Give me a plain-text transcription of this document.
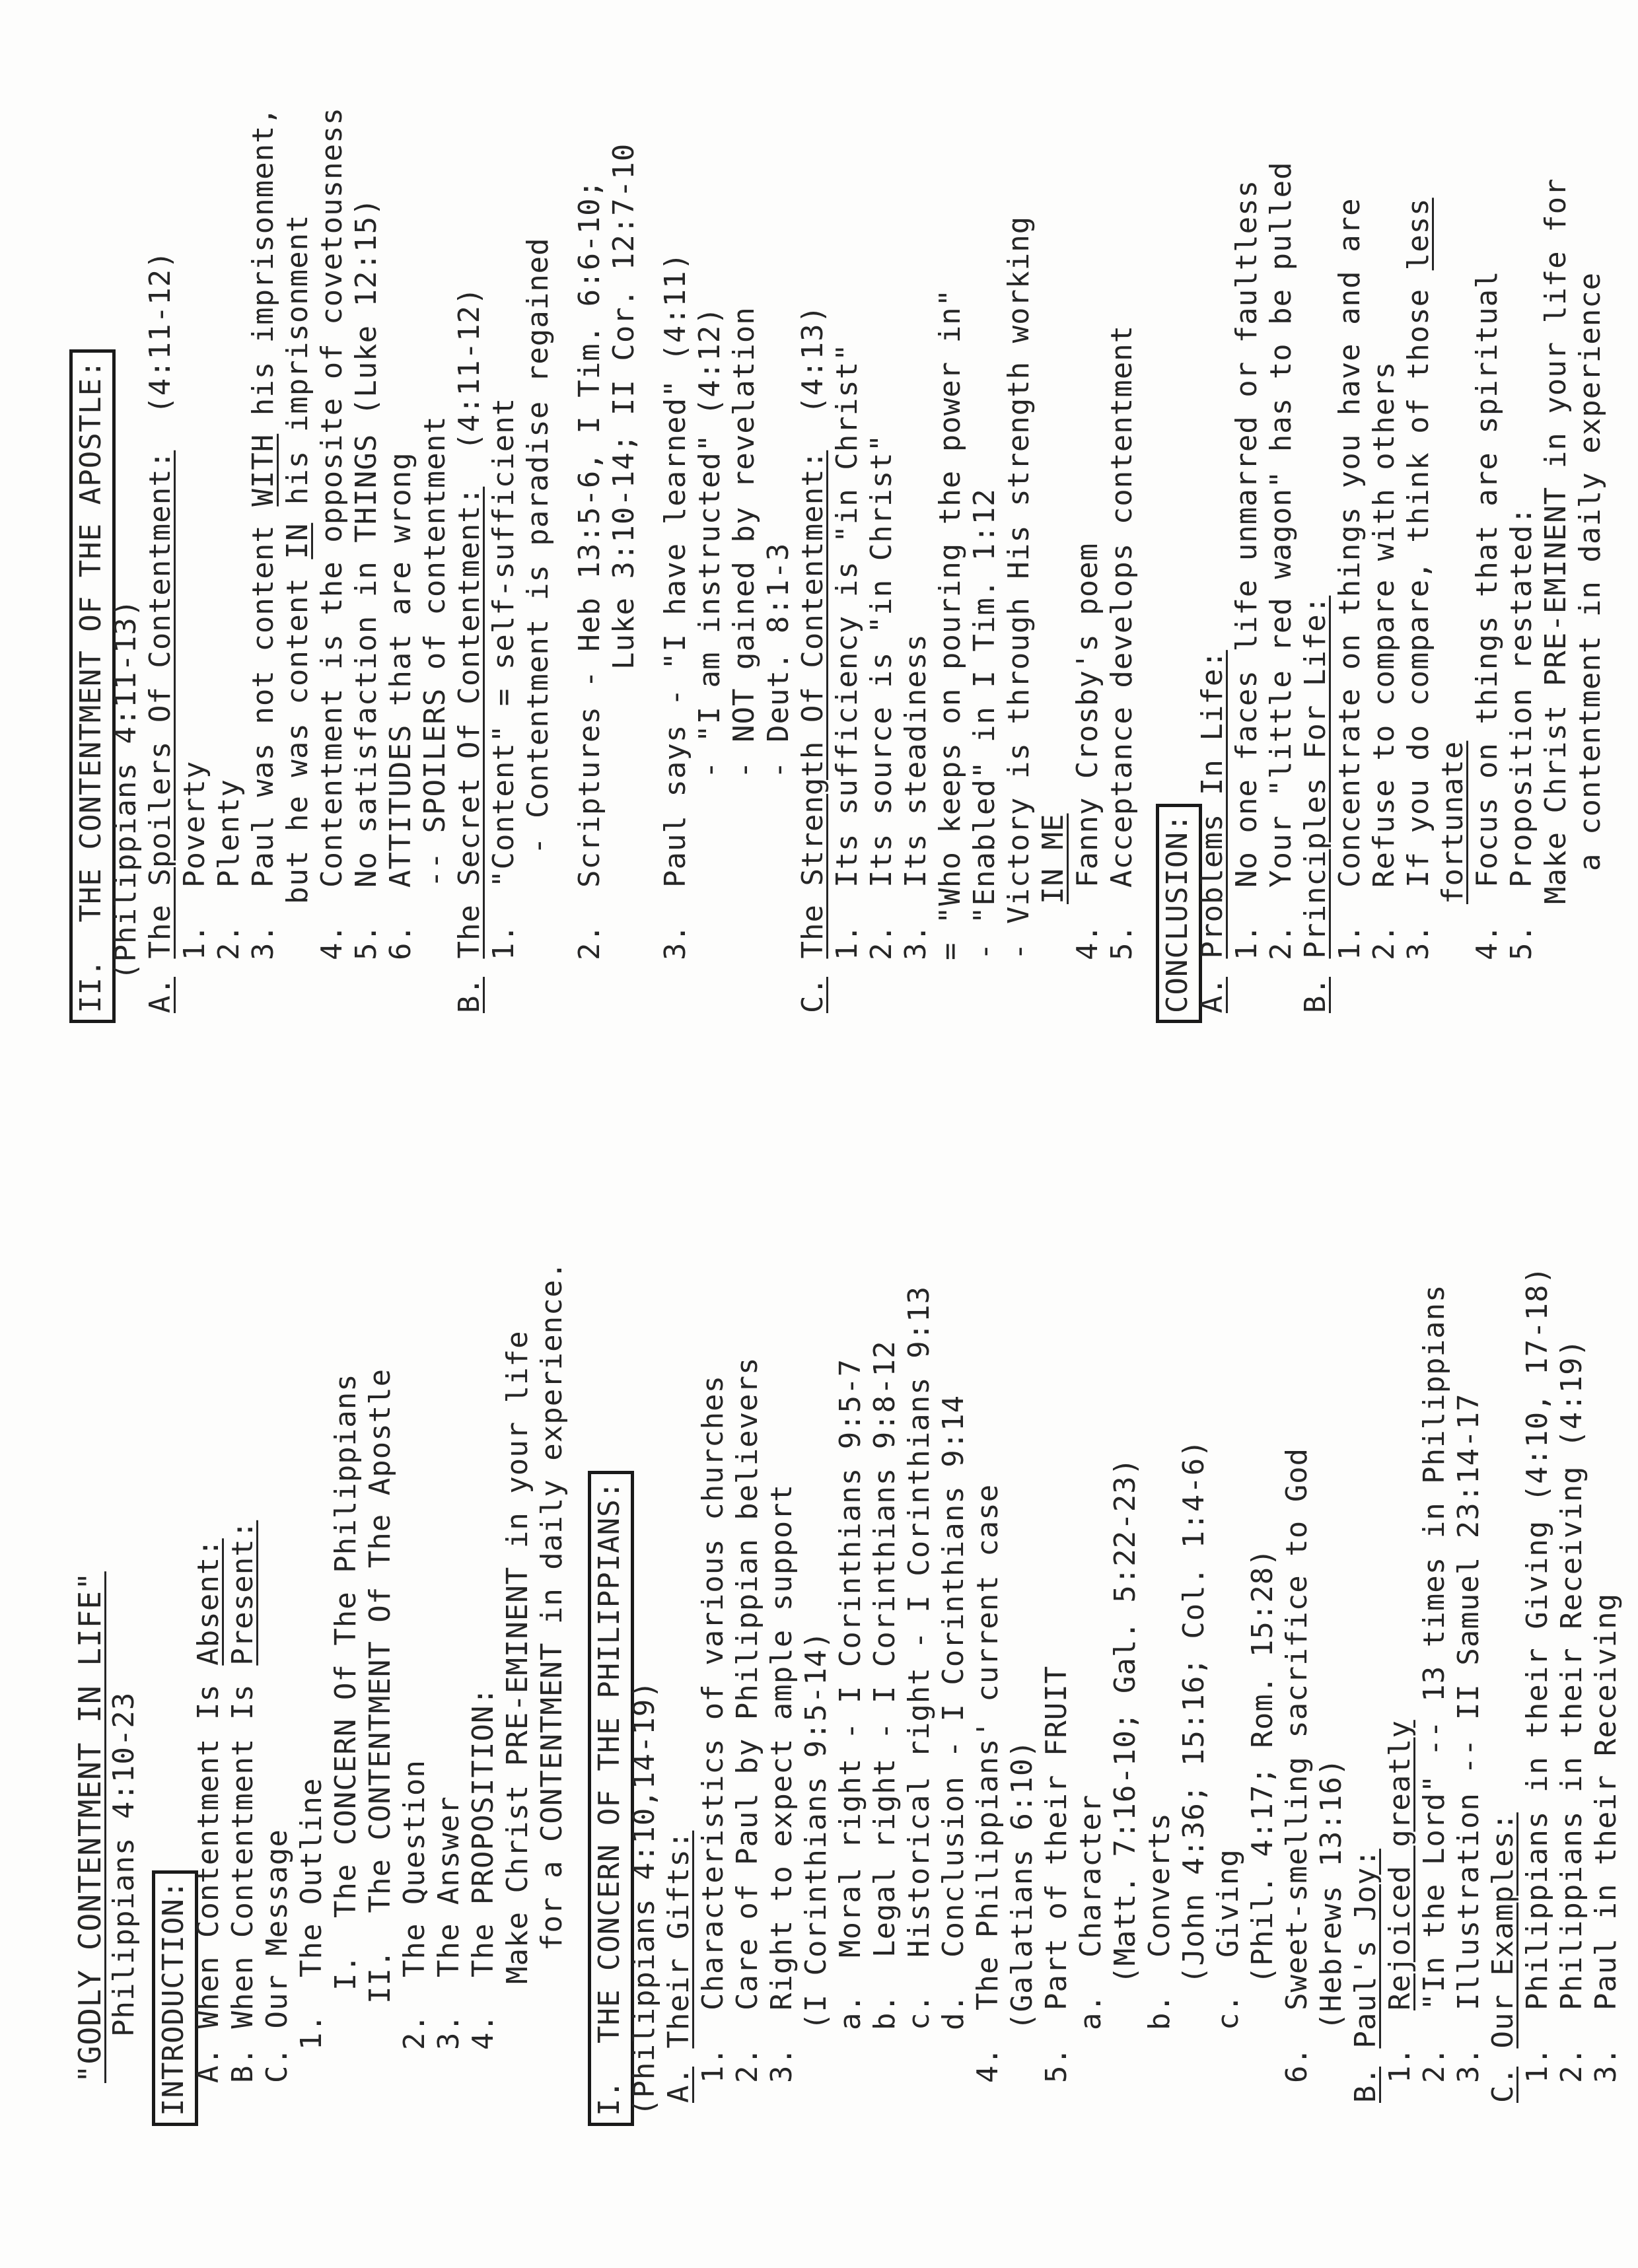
"GODLY CONTENTMENT IN LIFE" Philippians 4:10-23 INTRODUCTION: A. When Contentment Is Absent:
B. When Contentment Is Present:
C. Our Message
1.  The Outline I.  The CONCERN Of The Philippians
II.  The CONTENTMENT Of The Apostle
2.  The Question
3.  The Answer
4.  The PROPOSITION: Make Christ PRE-EMINENT in your life for a CONTENTMENT in daily experience. I.  THE CONCERN OF THE PHILIPPIANS: (Philippians 4:10,14-19) A. Their Gifts:
1.  Characteristics of various churches
2.  Care of Paul by Philippian believers
3.  Right to expect ample support (I Corinthians 9:5-14) a.  Moral right - I Corinthians 9:5-7
b.  Legal right - I Corinthians 9:8-12
c.  Historical right - I Corinthians 9:13
d.  Conclusion - I Corinthians 9:14
4.  The Philippians' current case (Galatians 6:10)
5.  Part of their FRUIT
a.  Character (Matt. 7:16-10; Gal. 5:22-23)
b.  Converts (John 4:36; 15:16; Col. 1:4-6)
c.  Giving (Phil. 4:17; Rom. 15:28)
6.  Sweet-smelling sacrifice to God (Hebrews 13:16)
B. Paul's Joy:
1.  Rejoiced greatly
2.  "In the Lord" -- 13 times in Philippians
3.  Illustration -- II Samuel 23:14-17
C. Our Examples:
1.  Philippians in their Giving (4:10, 17-18)
2.  Philippians in their Receiving (4:19)
3.  Paul in their Receiving
II.  THE CONTENTMENT OF THE APOSTLE: (Philippians 4:11-13)
A. The Spoilers Of Contentment:  (4:11-12)
1.  Poverty
2.  Plenty
3.  Paul was not content WITH his imprisonment,
but he was content IN his imprisonment
4.  Contentment is the opposite of covetousness
5.  No satisfaction in THINGS (Luke 12:15)
6.  ATTITUDES that are wrong -- SPOILERS of contentment
B. The Secret Of Contentment:  (4:11-12)
1.  "Content" = self-sufficient - Contentment is paradise regained
2.  Scriptures - Heb 13:5-6, I Tim. 6:6-10; Luke 3:10-14; II Cor. 12:7-10
3.  Paul says - "I have learned" (4:11) - "I am instructed" (4:12) - NOT gained by revelation - Deut. 8:1-3
C. The Strength Of Contentment:  (4:13)
1.  Its sufficiency is "in Christ"
2.  Its source is "in Christ"
3.  Its steadiness = "Who keeps on pouring the power in" - "Enabled" in I Tim. 1:12 - Victory is through His strength working IN ME
4.  Fanny Crosby's poem
5.  Acceptance develops contentment
CONCLUSION: A. Problems In Life: 1.  No one faces life unmarred or faultless
2.  Your "little red wagon" has to be pulled
B. Principles For Life: 1.  Concentrate on things you have and are
2.  Refuse to compare with others
3.  If you do compare, think of those less
fortunate
4.  Focus on things that are spiritual
5.  Proposition restated: Make Christ PRE-EMINENT in your life for a contentment in daily experience
